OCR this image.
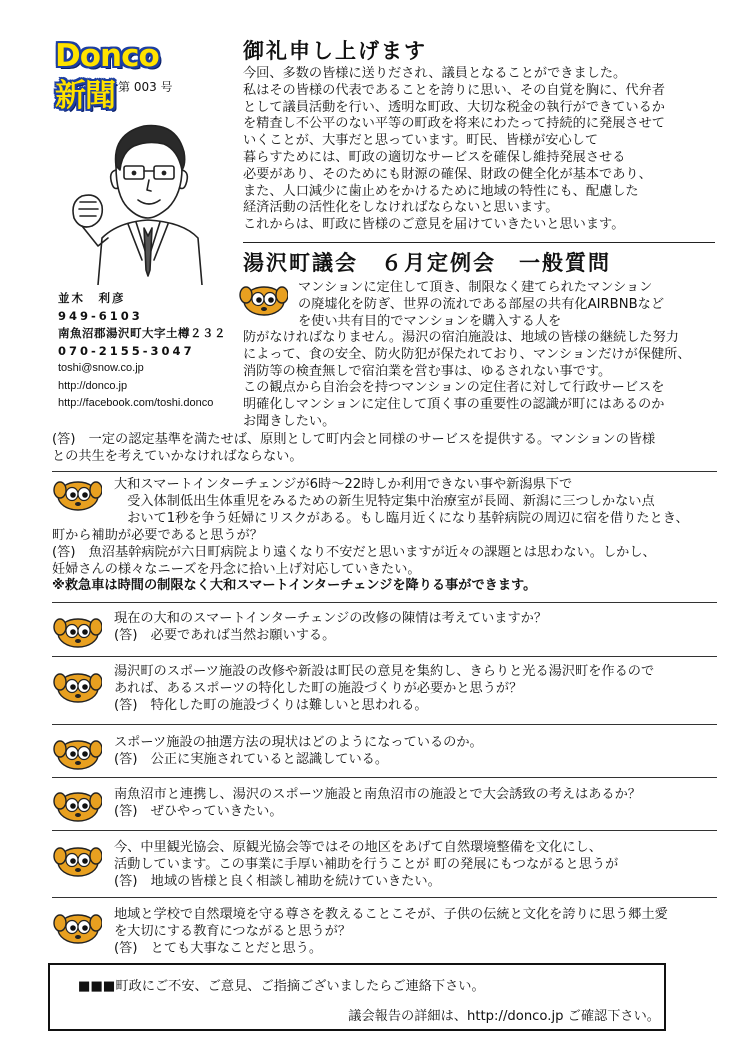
Donco新聞 第 003 号
並木　利彦
949-6103
南魚沼郡湯沢町大字土樽２３２
070-2155-3047
toshi@snow.co.jp
http://donco.jp
http://facebook.com/toshi.donco
御礼申し上げます
今回、多数の皆様に送りだされ、議員となることができました。
私はその皆様の代表であることを誇りに思い、その自覚を胸に、代弁者
として議員活動を行い、透明な町政、大切な税金の執行ができているか
を精査し不公平のない平等の町政を将来にわたって持続的に発展させて
いくことが、大事だと思っています。町民、皆様が安心して
暮らすためには、町政の適切なサービスを確保し維持発展させる
必要があり、そのためにも財源の確保、財政の健全化が基本であり、
また、人口減少に歯止めをかけるために地域の特性にも、配慮した
経済活動の活性化をしなければならないと思います。
これからは、町政に皆様のご意見を届けていきたいと思います。
湯沢町議会　６月定例会　一般質問
マンションに定住して頂き、制限なく建てられたマンション
の廃墟化を防ぎ、世界の流れである部屋の共有化AIRBNBなど
を使い共有目的でマンションを購入する人を
防がなければなりません。湯沢の宿泊施設は、地域の皆様の継続した努力
によって、食の安全、防火防犯が保たれており、マンションだけが保健所、
消防等の検査無しで宿泊業を営む事は、ゆるされない事です。
この観点から自治会を持つマンションの定住者に対して行政サービスを
明確化しマンションに定住して頂く事の重要性の認識が町にはあるのか
お聞きしたい。
(答)　一定の認定基準を満たせば、原則として町内会と同様のサービスを提供する。マンションの皆様
との共生を考えていかなければならない。
大和スマートインターチェンジが6時～22時しか利用できない事や新潟県下で
　受入体制低出生体重児をみるための新生児特定集中治療室が長岡、新潟に三つしかない点
　おいて1秒を争う妊婦にリスクがある。もし臨月近くになり基幹病院の周辺に宿を借りたとき、
町から補助が必要であると思うが？
(答)　魚沼基幹病院が六日町病院より遠くなり不安だと思いますが近々の課題とは思わない。しかし、
妊婦さんの様々なニーズを丹念に拾い上げ対応していきたい。
※救急車は時間の制限なく大和スマートインターチェンジを降りる事ができます。
現在の大和のスマートインターチェンジの改修の陳情は考えていますか？
(答)　必要であれば当然お願いする。
湯沢町のスポーツ施設の改修や新設は町民の意見を集約し、きらりと光る湯沢町を作るので
あれば、あるスポーツの特化した町の施設づくりが必要かと思うが？
(答)　特化した町の施設づくりは難しいと思われる。
スポーツ施設の抽選方法の現状はどのようになっているのか。
(答)　公正に実施されていると認識している。
南魚沼市と連携し、湯沢のスポーツ施設と南魚沼市の施設とで大会誘致の考えはあるか？
(答)　ぜひやっていきたい。
今、中里観光協会、原観光協会等ではその地区をあげて自然環境整備を文化にし、
活動しています。この事業に手厚い補助を行うことが 町の発展にもつながると思うが
(答)　地域の皆様と良く相談し補助を続けていきたい。
地域と学校で自然環境を守る尊さを教えることこそが、子供の伝統と文化を誇りに思う郷土愛
を大切にする教育につながると思うが？
(答)　とても大事なことだと思う。
■■■町政にご不安、ご意見、ご指摘ございましたらご連絡下さい。
議会報告の詳細は、http://donco.jp ご確認下さい。
